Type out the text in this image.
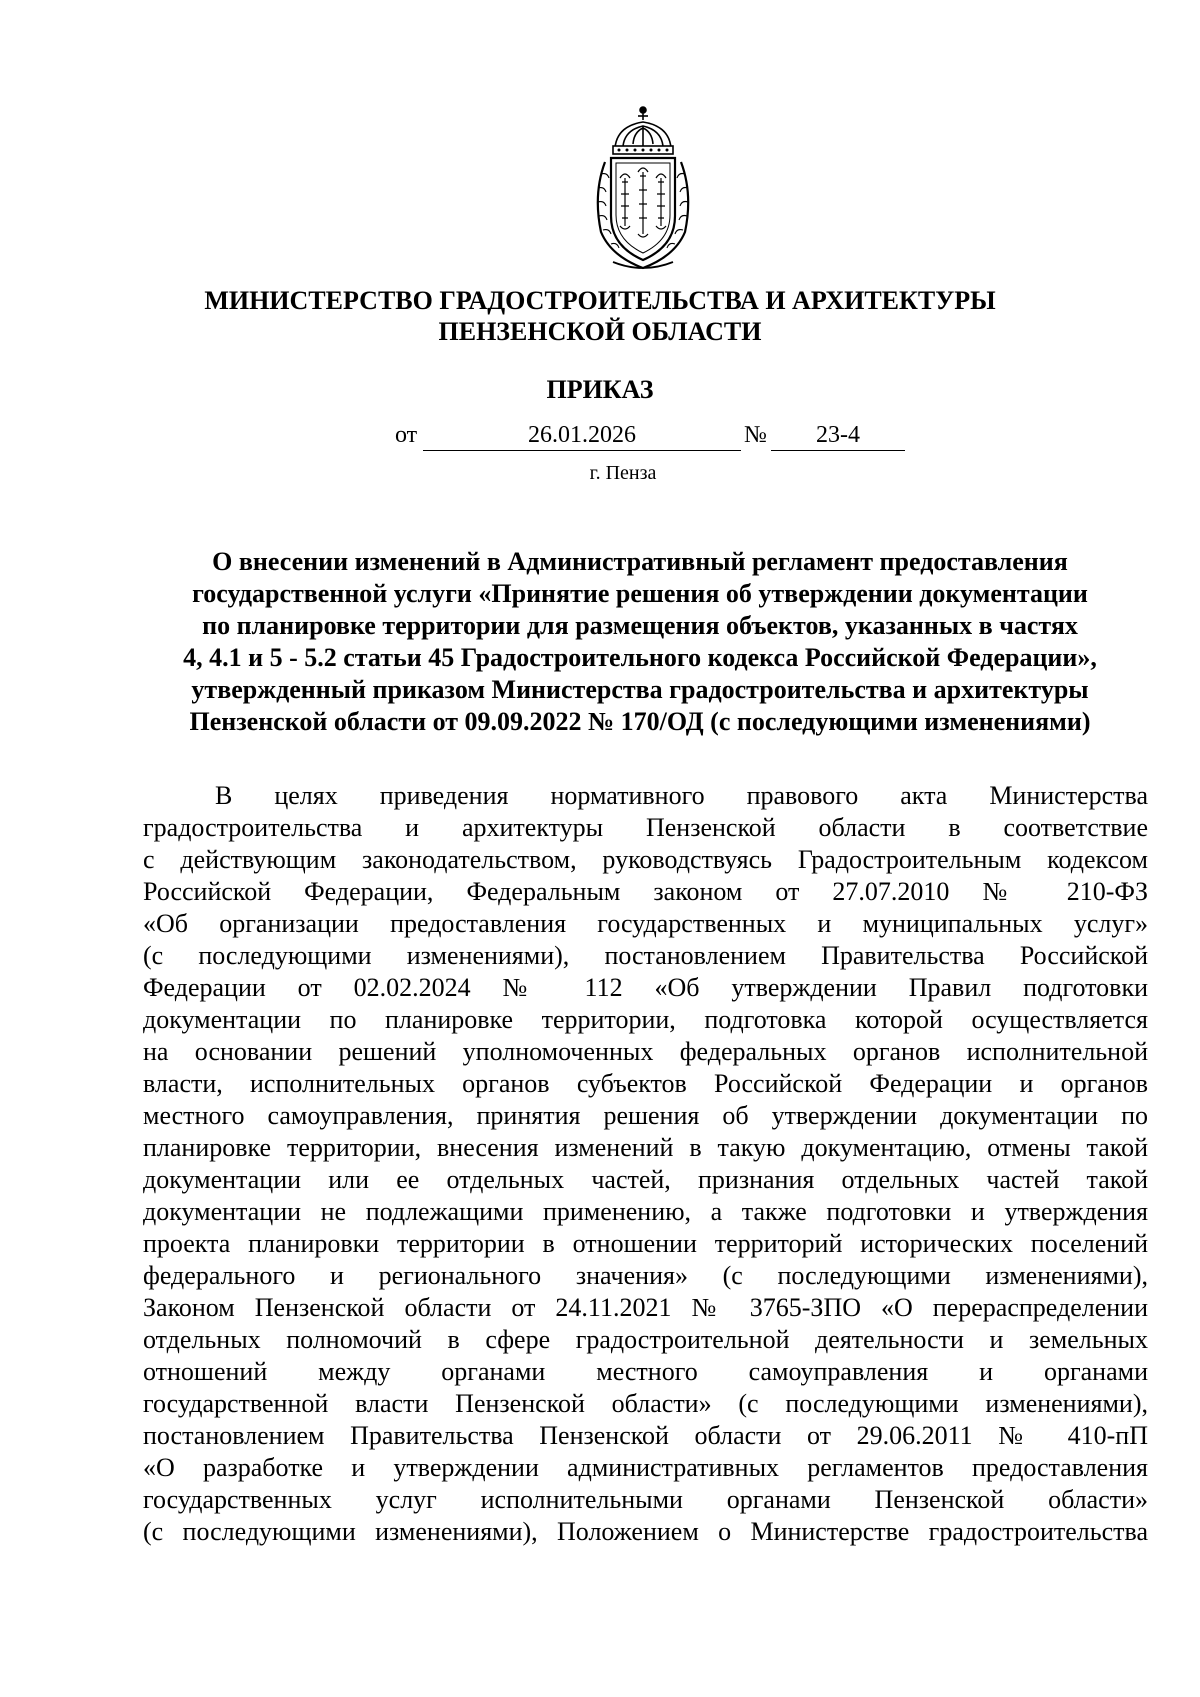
МИНИСТЕРСТВО ГРАДОСТРОИТЕЛЬСТВА И АРХИТЕКТУРЫ
ПЕНЗЕНСКОЙ ОБЛАСТИ
ПРИКАЗ
от	26.01.2026	№	23-4
г. Пенза
О внесении изменений в Административный регламент предоставления
государственной услуги «Принятие решения об утверждении документации
по планировке территории для размещения объектов, указанных в частях
4, 4.1 и 5 - 5.2 статьи 45 Градостроительного кодекса Российской Федерации»,
утвержденный приказом Министерства градостроительства и архитектуры
Пензенской области от 09.09.2022 № 170/ОД (с последующими изменениями)
В целях приведения нормативного правового акта Министерства
градостроительства и архитектуры Пензенской области в соответствие
с действующим законодательством, руководствуясь Градостроительным кодексом
Российской Федерации, Федеральным законом от 27.07.2010 № 210-ФЗ
«Об организации предоставления государственных и муниципальных услуг»
(с последующими изменениями), постановлением Правительства Российской
Федерации от 02.02.2024 № 112 «Об утверждении Правил подготовки
документации по планировке территории, подготовка которой осуществляется
на основании решений уполномоченных федеральных органов исполнительной
власти, исполнительных органов субъектов Российской Федерации и органов
местного самоуправления, принятия решения об утверждении документации по
планировке территории, внесения изменений в такую документацию, отмены такой
документации или ее отдельных частей, признания отдельных частей такой
документации не подлежащими применению, а также подготовки и утверждения
проекта планировки территории в отношении территорий исторических поселений
федерального и регионального значения» (с последующими изменениями),
Законом Пензенской области от 24.11.2021 № 3765-ЗПО «О перераспределении
отдельных полномочий в сфере градостроительной деятельности и земельных
отношений между органами местного самоуправления и органами
государственной власти Пензенской области» (с последующими изменениями),
постановлением Правительства Пензенской области от 29.06.2011 № 410-пП
«О разработке и утверждении административных регламентов предоставления
государственных услуг исполнительными органами Пензенской области»
(с последующими изменениями), Положением о Министерстве градостроительства
